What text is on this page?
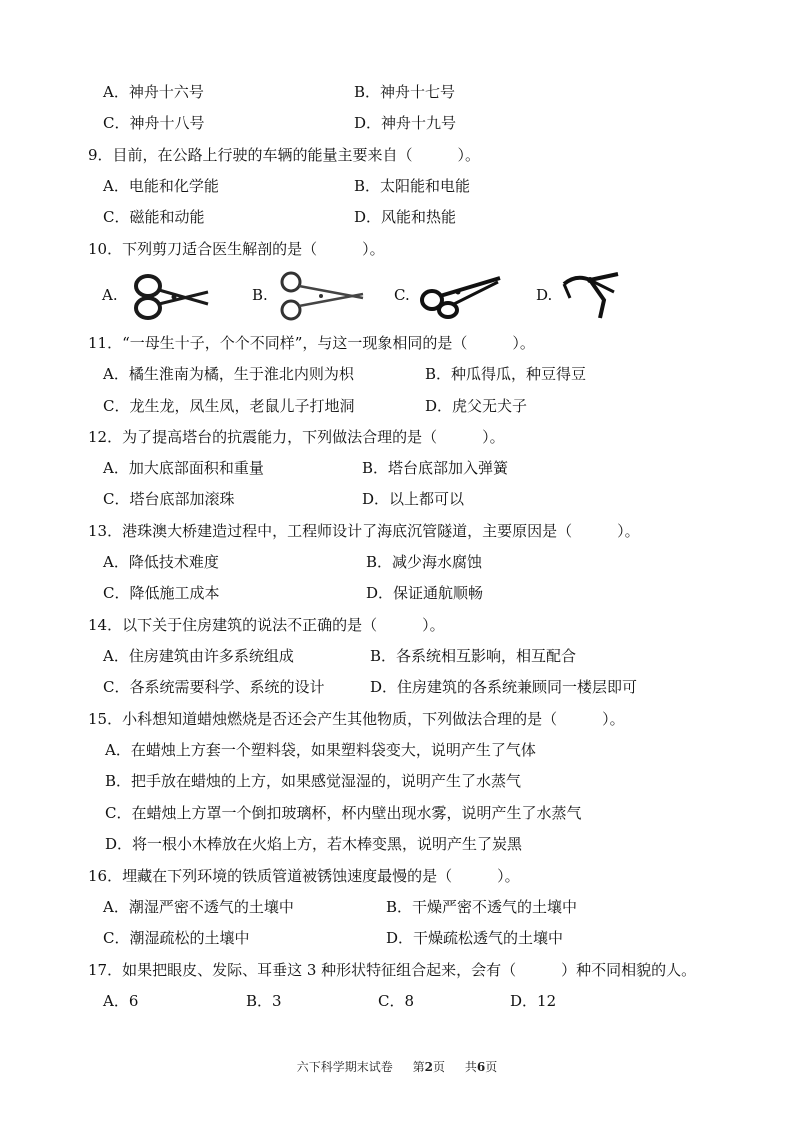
A．神舟十六号	B．神舟十七号
C．神舟十八号	D．神舟十九号
9．目前，在公路上行驶的车辆的能量主要来自（　　　）。
A．电能和化学能	B．太阳能和电能
C．磁能和动能	D．风能和热能
10．下列剪刀适合医生解剖的是（　　　）。
A.	B.	C.	D.
11．“一母生十子，个个不同样”，与这一现象相同的是（　　　）。
A．橘生淮南为橘，生于淮北内则为枳	B．种瓜得瓜，种豆得豆
C．龙生龙，凤生凤，老鼠儿子打地洞	D．虎父无犬子
12．为了提高塔台的抗震能力，下列做法合理的是（　　　）。
A．加大底部面积和重量	B．塔台底部加入弹簧
C．塔台底部加滚珠	D．以上都可以
13．港珠澳大桥建造过程中，工程师设计了海底沉管隧道，主要原因是（　　　）。
A．降低技术难度	B．减少海水腐蚀
C．降低施工成本	D．保证通航顺畅
14．以下关于住房建筑的说法不正确的是（　　　）。
A．住房建筑由许多系统组成	B．各系统相互影响，相互配合
C．各系统需要科学、系统的设计	D．住房建筑的各系统兼顾同一楼层即可
15．小科想知道蜡烛燃烧是否还会产生其他物质，下列做法合理的是（　　　）。
A．在蜡烛上方套一个塑料袋，如果塑料袋变大，说明产生了气体
B．把手放在蜡烛的上方，如果感觉湿湿的，说明产生了水蒸气
C．在蜡烛上方罩一个倒扣玻璃杯，杯内壁出现水雾，说明产生了水蒸气
D．将一根小木棒放在火焰上方，若木棒变黑，说明产生了炭黑
16．埋藏在下列环境的铁质管道被锈蚀速度最慢的是（　　　）。
A．潮湿严密不透气的土壤中	B．干燥严密不透气的土壤中
C．潮湿疏松的土壤中	D．干燥疏松透气的土壤中
17．如果把眼皮、发际、耳垂这 3 种形状特征组合起来，会有（　　　）种不同相貌的人。
A．6	B．3	C．8	D．12
六下科学期末试卷 第2页 共6页
